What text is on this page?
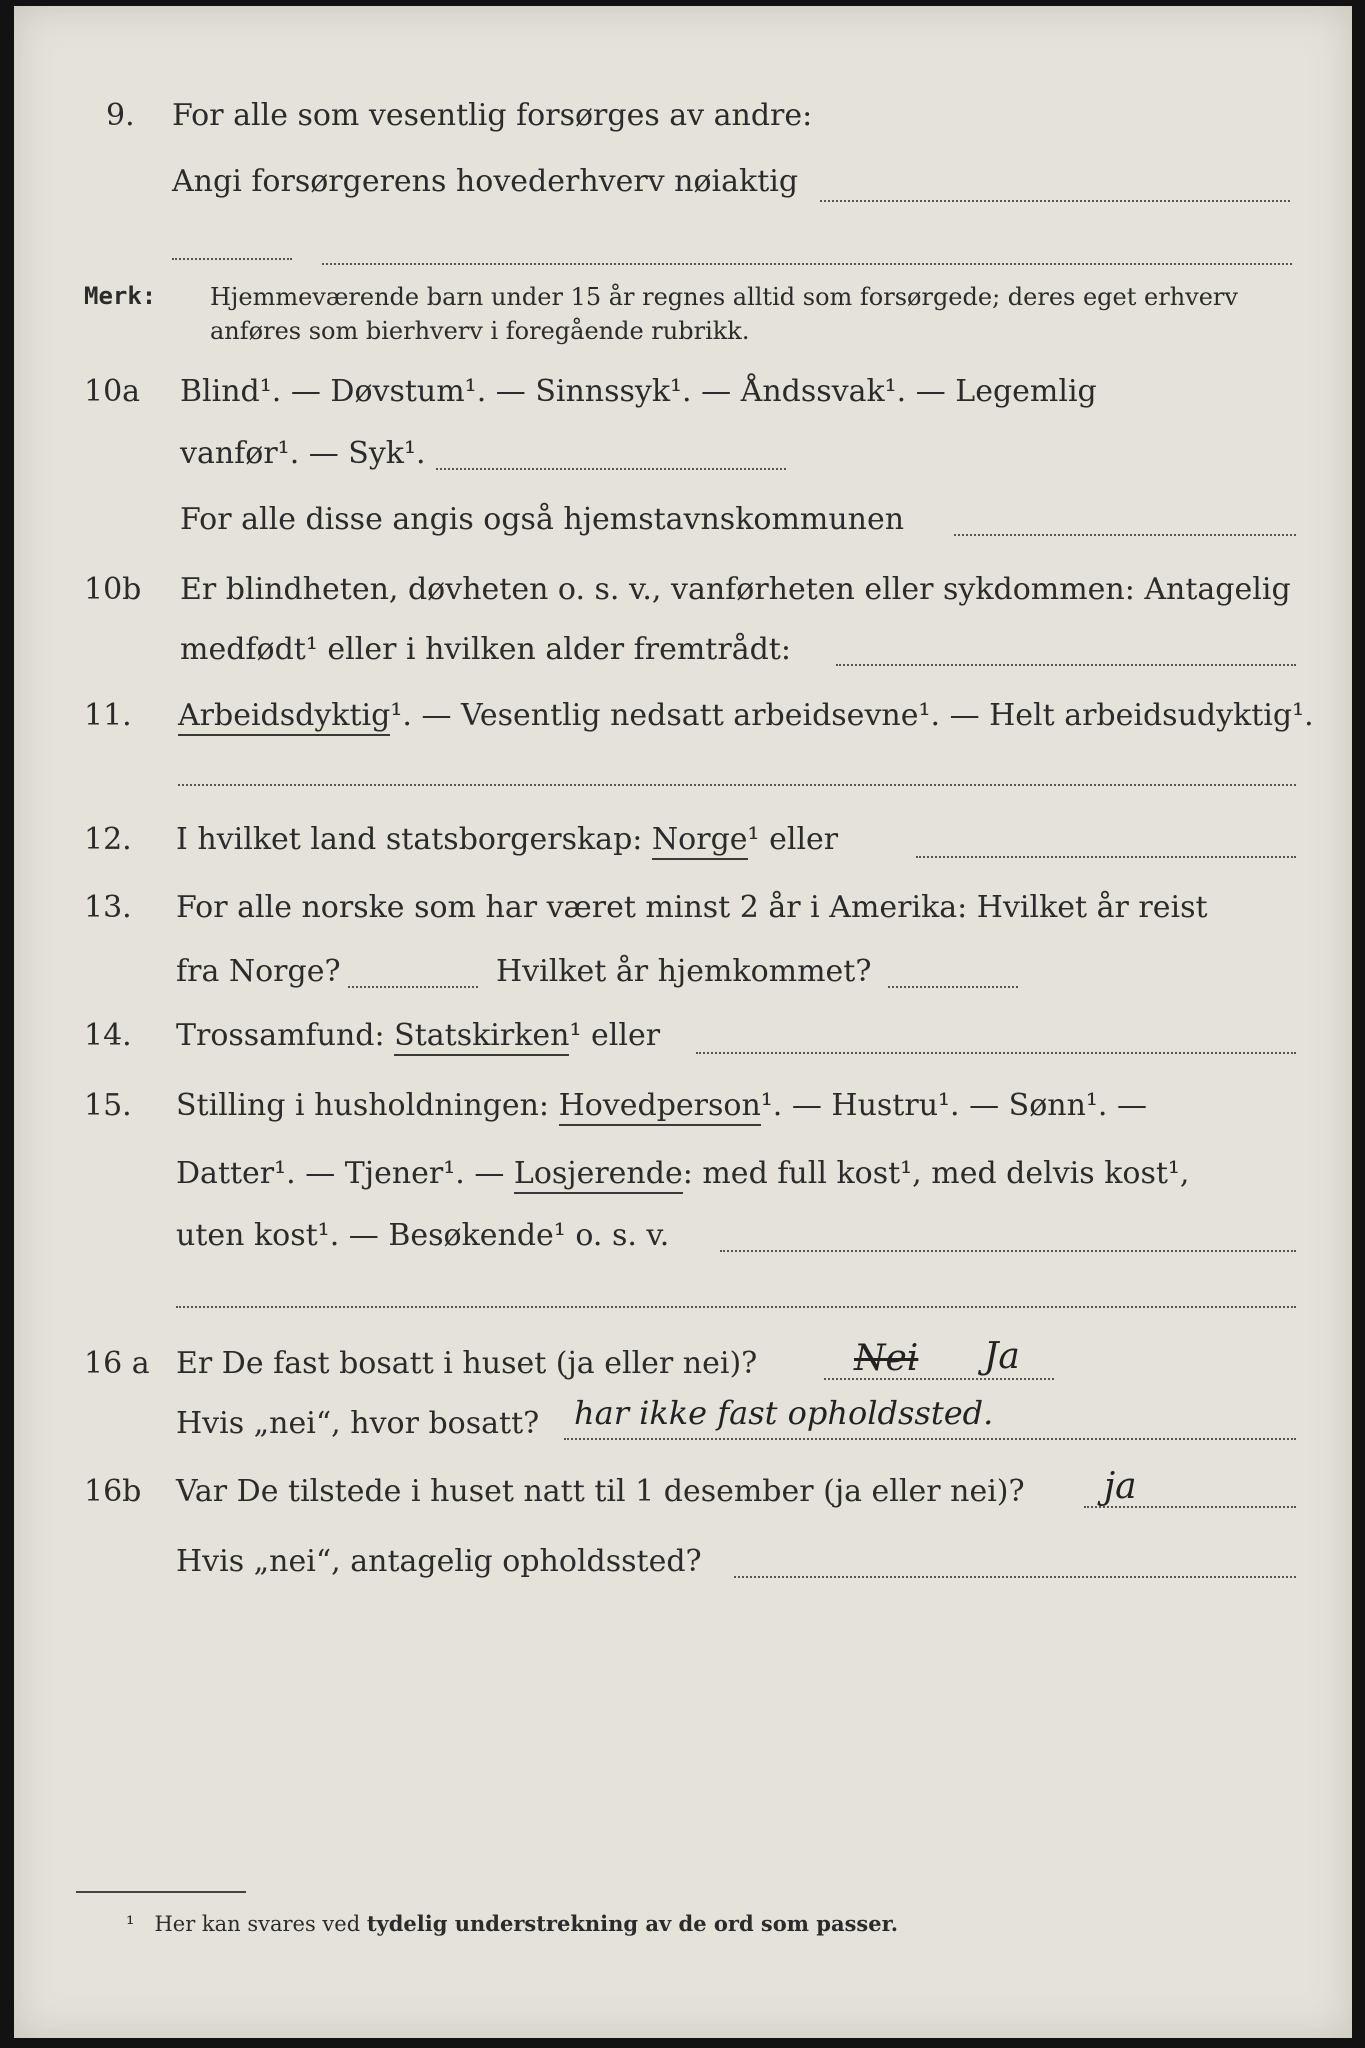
9. For alle som vesentlig forsørges av andre:
Angi forsørgerens hovederhverv nøiaktig
Merk: Hjemmeværende barn under 15 år regnes alltid som forsørgede; deres eget erhverv
anføres som bierhverv i foregående rubrikk.
10a Blind¹. — Døvstum¹. — Sinnssyk¹. — Åndssvak¹. — Legemlig
vanfør¹. — Syk¹.
For alle disse angis også hjemstavnskommunen
10b Er blindheten, døvheten o. s. v., vanførheten eller sykdommen: Antagelig
medfødt¹ eller i hvilken alder fremtrådt:
11. Arbeidsdyktig¹. — Vesentlig nedsatt arbeidsevne¹. — Helt arbeidsudyktig¹.
12. I hvilket land statsborgerskap: Norge¹ eller
13. For alle norske som har været minst 2 år i Amerika: Hvilket år reist
fra Norge?	Hvilket år hjemkommet?
14. Trossamfund: Statskirken¹ eller
15. Stilling i husholdningen: Hovedperson¹. — Hustru¹. — Sønn¹. —
Datter¹. — Tjener¹. — Losjerende: med full kost¹, med delvis kost¹,
uten kost¹. — Besøkende¹ o. s. v.
16 a Er De fast bosatt i huset (ja eller nei)?	Nei Ja
Hvis „nei“, hvor bosatt? har ikke fast opholdssted.
16b Var De tilstede i huset natt til 1 desember (ja eller nei)? ja
Hvis „nei“, antagelig opholdssted?
¹ Her kan svares ved tydelig understrekning av de ord som passer.
